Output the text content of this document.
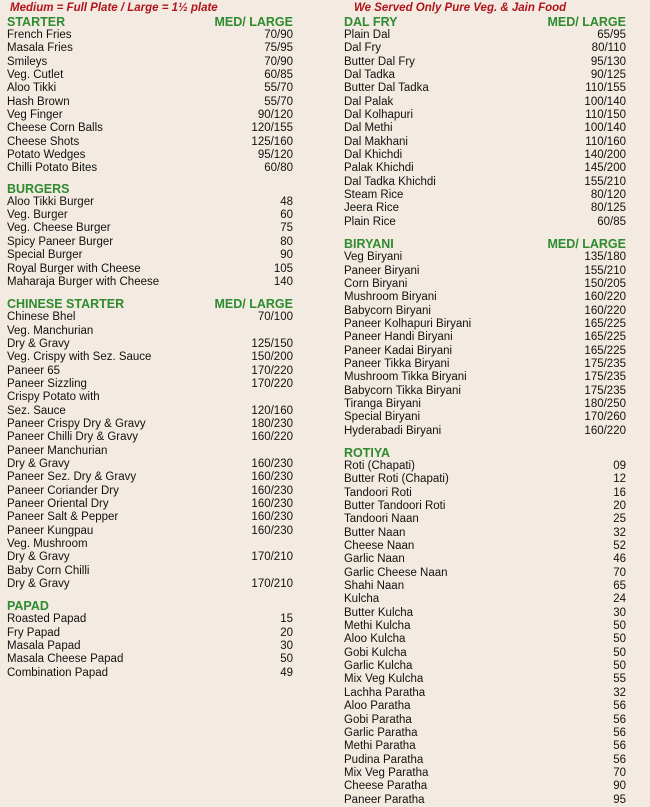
Medium = Full Plate / Large = 1½ plate	We Served Only Pure Veg. & Jain Food
STARTER	MED/ LARGE
French Fries	70/90
Masala Fries	75/95
Smileys	70/90
Veg. Cutlet	60/85
Aloo Tikki	55/70
Hash Brown	55/70
Veg Finger	90/120
Cheese Corn Balls	120/155
Cheese Shots	125/160
Potato Wedges	95/120
Chilli Potato Bites	60/80
BURGERS
Aloo Tikki Burger	48
Veg. Burger	60
Veg. Cheese Burger	75
Spicy Paneer Burger	80
Special Burger	90
Royal Burger with Cheese	105
Maharaja Burger with Cheese	140
CHINESE STARTER	MED/ LARGE
Chinese Bhel	70/100
Veg. Manchurian
Dry & Gravy	125/150
Veg. Crispy with Sez. Sauce	150/200
Paneer 65	170/220
Paneer Sizzling	170/220
Crispy Potato with
Sez. Sauce	120/160
Paneer Crispy Dry & Gravy	180/230
Paneer Chilli Dry & Gravy	160/220
Paneer Manchurian
Dry & Gravy	160/230
Paneer Sez. Dry & Gravy	160/230
Paneer Coriander Dry	160/230
Paneer Oriental Dry	160/230
Paneer Salt & Pepper	160/230
Paneer Kungpau	160/230
Veg. Mushroom
Dry & Gravy	170/210
Baby Corn Chilli
Dry & Gravy	170/210
PAPAD
Roasted Papad	15
Fry Papad	20
Masala Papad	30
Masala Cheese Papad	50
Combination Papad	49
DAL FRY	MED/ LARGE
Plain Dal	65/95
Dal Fry	80/110
Butter Dal Fry	95/130
Dal Tadka	90/125
Butter Dal Tadka	110/155
Dal Palak	100/140
Dal Kolhapuri	110/150
Dal Methi	100/140
Dal Makhani	110/160
Dal Khichdi	140/200
Palak Khichdi	145/200
Dal Tadka Khichdi	155/210
Steam Rice	80/120
Jeera Rice	80/125
Plain Rice	60/85
BIRYANI	MED/ LARGE
Veg Biryani	135/180
Paneer Biryani	155/210
Corn Biryani	150/205
Mushroom Biryani	160/220
Babycorn Biryani	160/220
Paneer Kolhapuri Biryani	165/225
Paneer Handi Biryani	165/225
Paneer Kadai Biryani	165/225
Paneer Tikka Biryani	175/235
Mushroom Tikka Biryani	175/235
Babycorn Tikka Biryani	175/235
Tiranga Biryani	180/250
Special Biryani	170/260
Hyderabadi Biryani	160/220
ROTIYA
Roti (Chapati)	09
Butter Roti (Chapati)	12
Tandoori Roti	16
Butter Tandoori Roti	20
Tandoori Naan	25
Butter Naan	32
Cheese Naan	52
Garlic Naan	46
Garlic Cheese Naan	70
Shahi Naan	65
Kulcha	24
Butter Kulcha	30
Methi Kulcha	50
Aloo Kulcha	50
Gobi Kulcha	50
Garlic Kulcha	50
Mix Veg Kulcha	55
Lachha Paratha	32
Aloo Paratha	56
Gobi Paratha	56
Garlic Paratha	56
Methi Paratha	56
Pudina Paratha	56
Mix Veg Paratha	70
Cheese Paratha	90
Paneer Paratha	95
